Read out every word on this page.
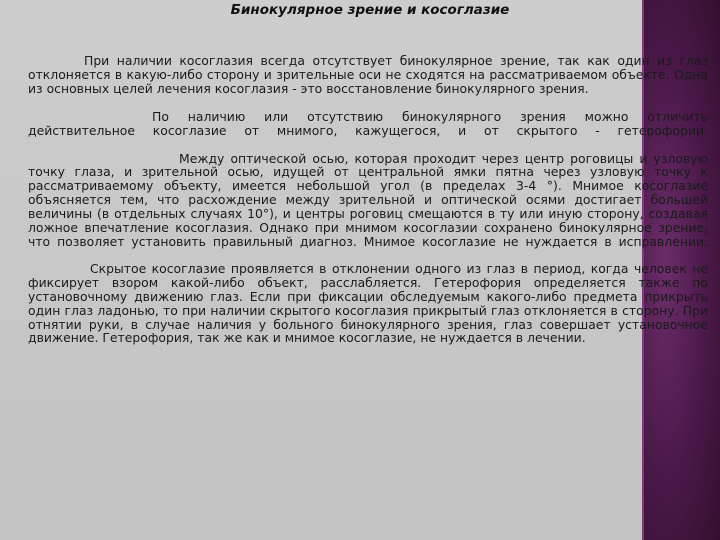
Бинокулярное зрение и косоглазие

При наличии косоглазия всегда отсутствует бинокулярное зрение, так как один из глаз отклоняется в какую-либо сторону и зрительные оси не сходятся на рассматриваемом объекте. Одна из основных целей лечения косоглазия - это восстановление бинокулярного зрения.

По наличию или отсутствию бинокулярного зрения можно отличить действительное косоглазие от мнимого, кажущегося, и от скрытого - гетерофории.

Между оптической осью, которая проходит через центр роговицы и узловую точку глаза, и зрительной осью, идущей от центральной ямки пятна через узловую точку к рассматриваемому объекту, имеется небольшой угол (в пределах 3-4 °). Мнимое косоглазие объясняется тем, что расхождение между зрительной и оптической осями достигает большей величины (в отдельных случаях 10°), и центры роговиц смещаются в ту или иную сторону, создавая ложное впечатление косоглазия. Однако при мнимом косоглазии сохранено бинокулярное зрение, что позволяет установить правильный диагноз. Мнимое косоглазие не нуждается в исправлении.

Скрытое косоглазие проявляется в отклонении одного из глаз в период, когда человек не фиксирует взором какой-либо объект, расслабляется. Гетерофория определяется также по установочному движению глаз. Если при фиксации обследуемым какого-либо предмета прикрыть один глаз ладонью, то при наличии скрытого косоглазия прикрытый глаз отклоняется в сторону. При отнятии руки, в случае наличия у больного бинокулярного зрения, глаз совершает установочное движение. Гетерофория, так же как и мнимое косоглазие, не нуждается в лечении.
